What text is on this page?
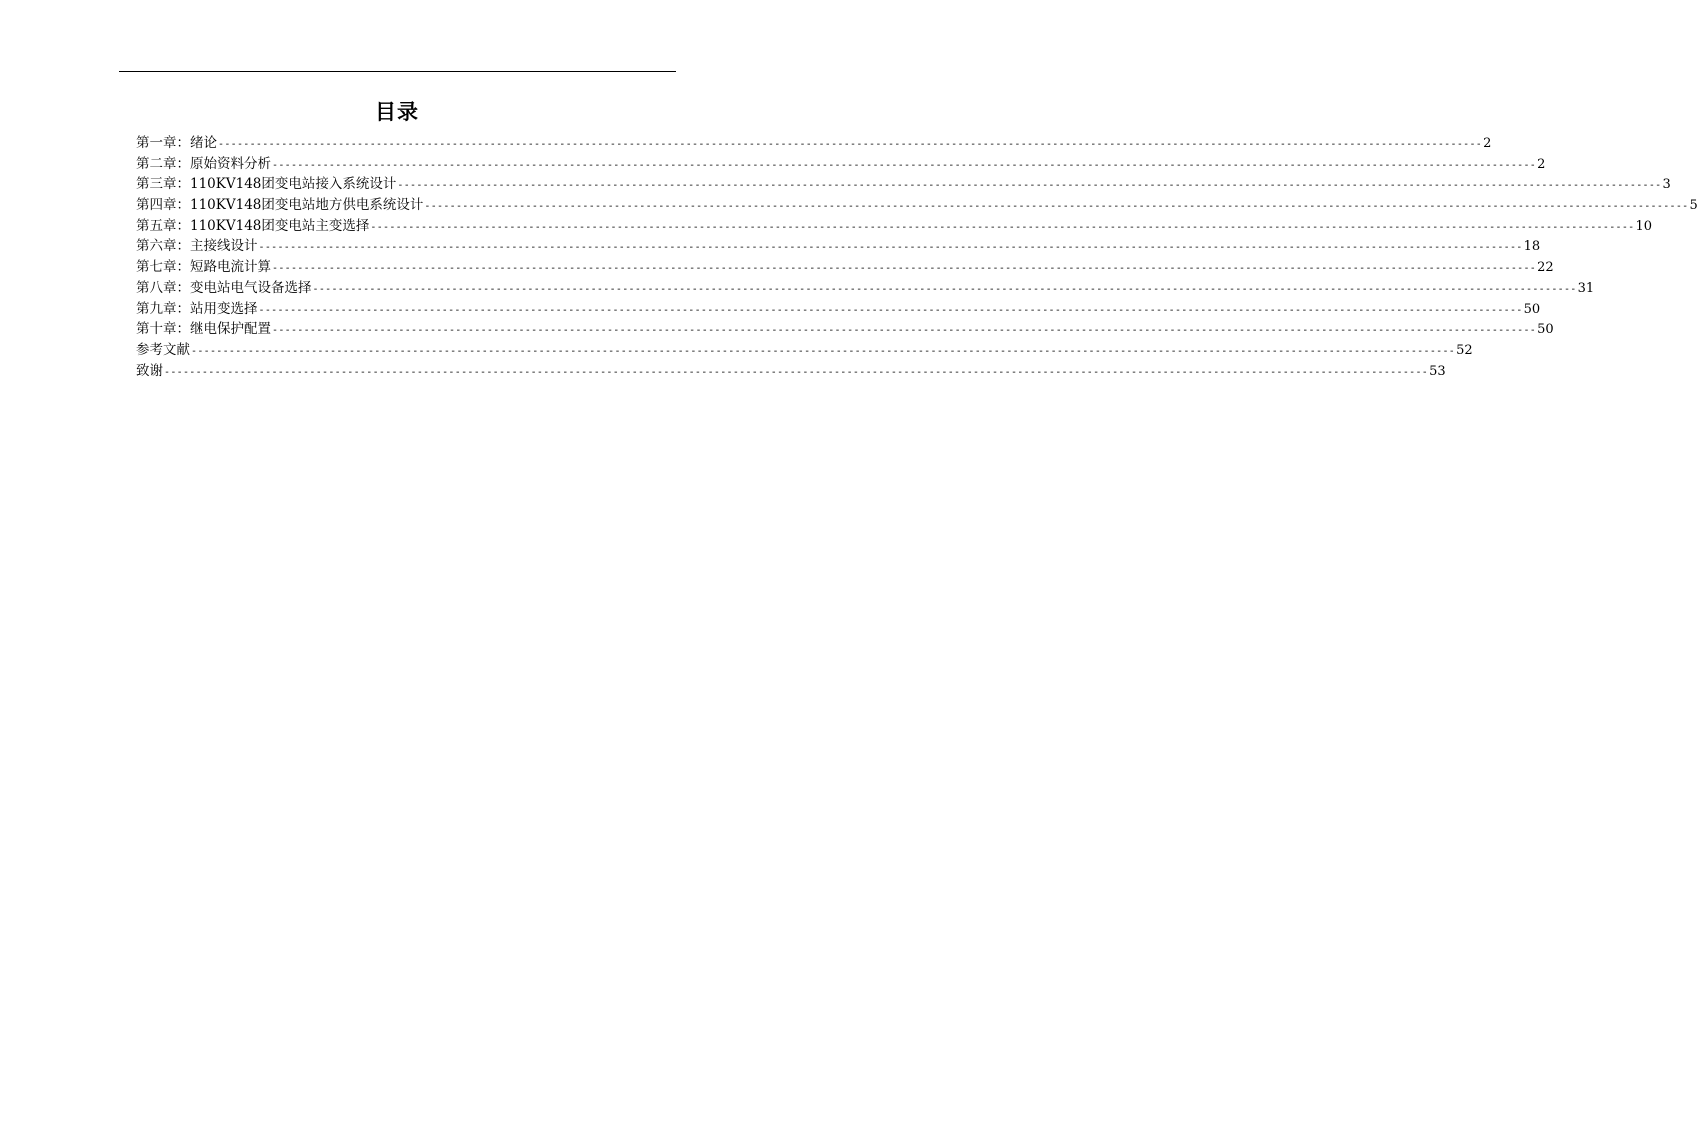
目录
第一章：绪论 -------------------------------------------------------------------------------------------------------------------------------------------------------------------------------------------------------- 2
第二章：原始资料分析 -------------------------------------------------------------------------------------------------------------------------------------------------------------------------------------------------------- 2
第三章：110KV148团变电站接入系统设计 -------------------------------------------------------------------------------------------------------------------------------------------------------------------------------------------------------- 3
第四章：110KV148团变电站地方供电系统设计 -------------------------------------------------------------------------------------------------------------------------------------------------------------------------------------------------------- 5
第五章：110KV148团变电站主变选择 -------------------------------------------------------------------------------------------------------------------------------------------------------------------------------------------------------- 10
第六章：主接线设计 -------------------------------------------------------------------------------------------------------------------------------------------------------------------------------------------------------- 18
第七章：短路电流计算 -------------------------------------------------------------------------------------------------------------------------------------------------------------------------------------------------------- 22
第八章：变电站电气设备选择 -------------------------------------------------------------------------------------------------------------------------------------------------------------------------------------------------------- 31
第九章：站用变选择 -------------------------------------------------------------------------------------------------------------------------------------------------------------------------------------------------------- 50
第十章：继电保护配置 -------------------------------------------------------------------------------------------------------------------------------------------------------------------------------------------------------- 50
参考文献 -------------------------------------------------------------------------------------------------------------------------------------------------------------------------------------------------------- 52
致谢 -------------------------------------------------------------------------------------------------------------------------------------------------------------------------------------------------------- 53
